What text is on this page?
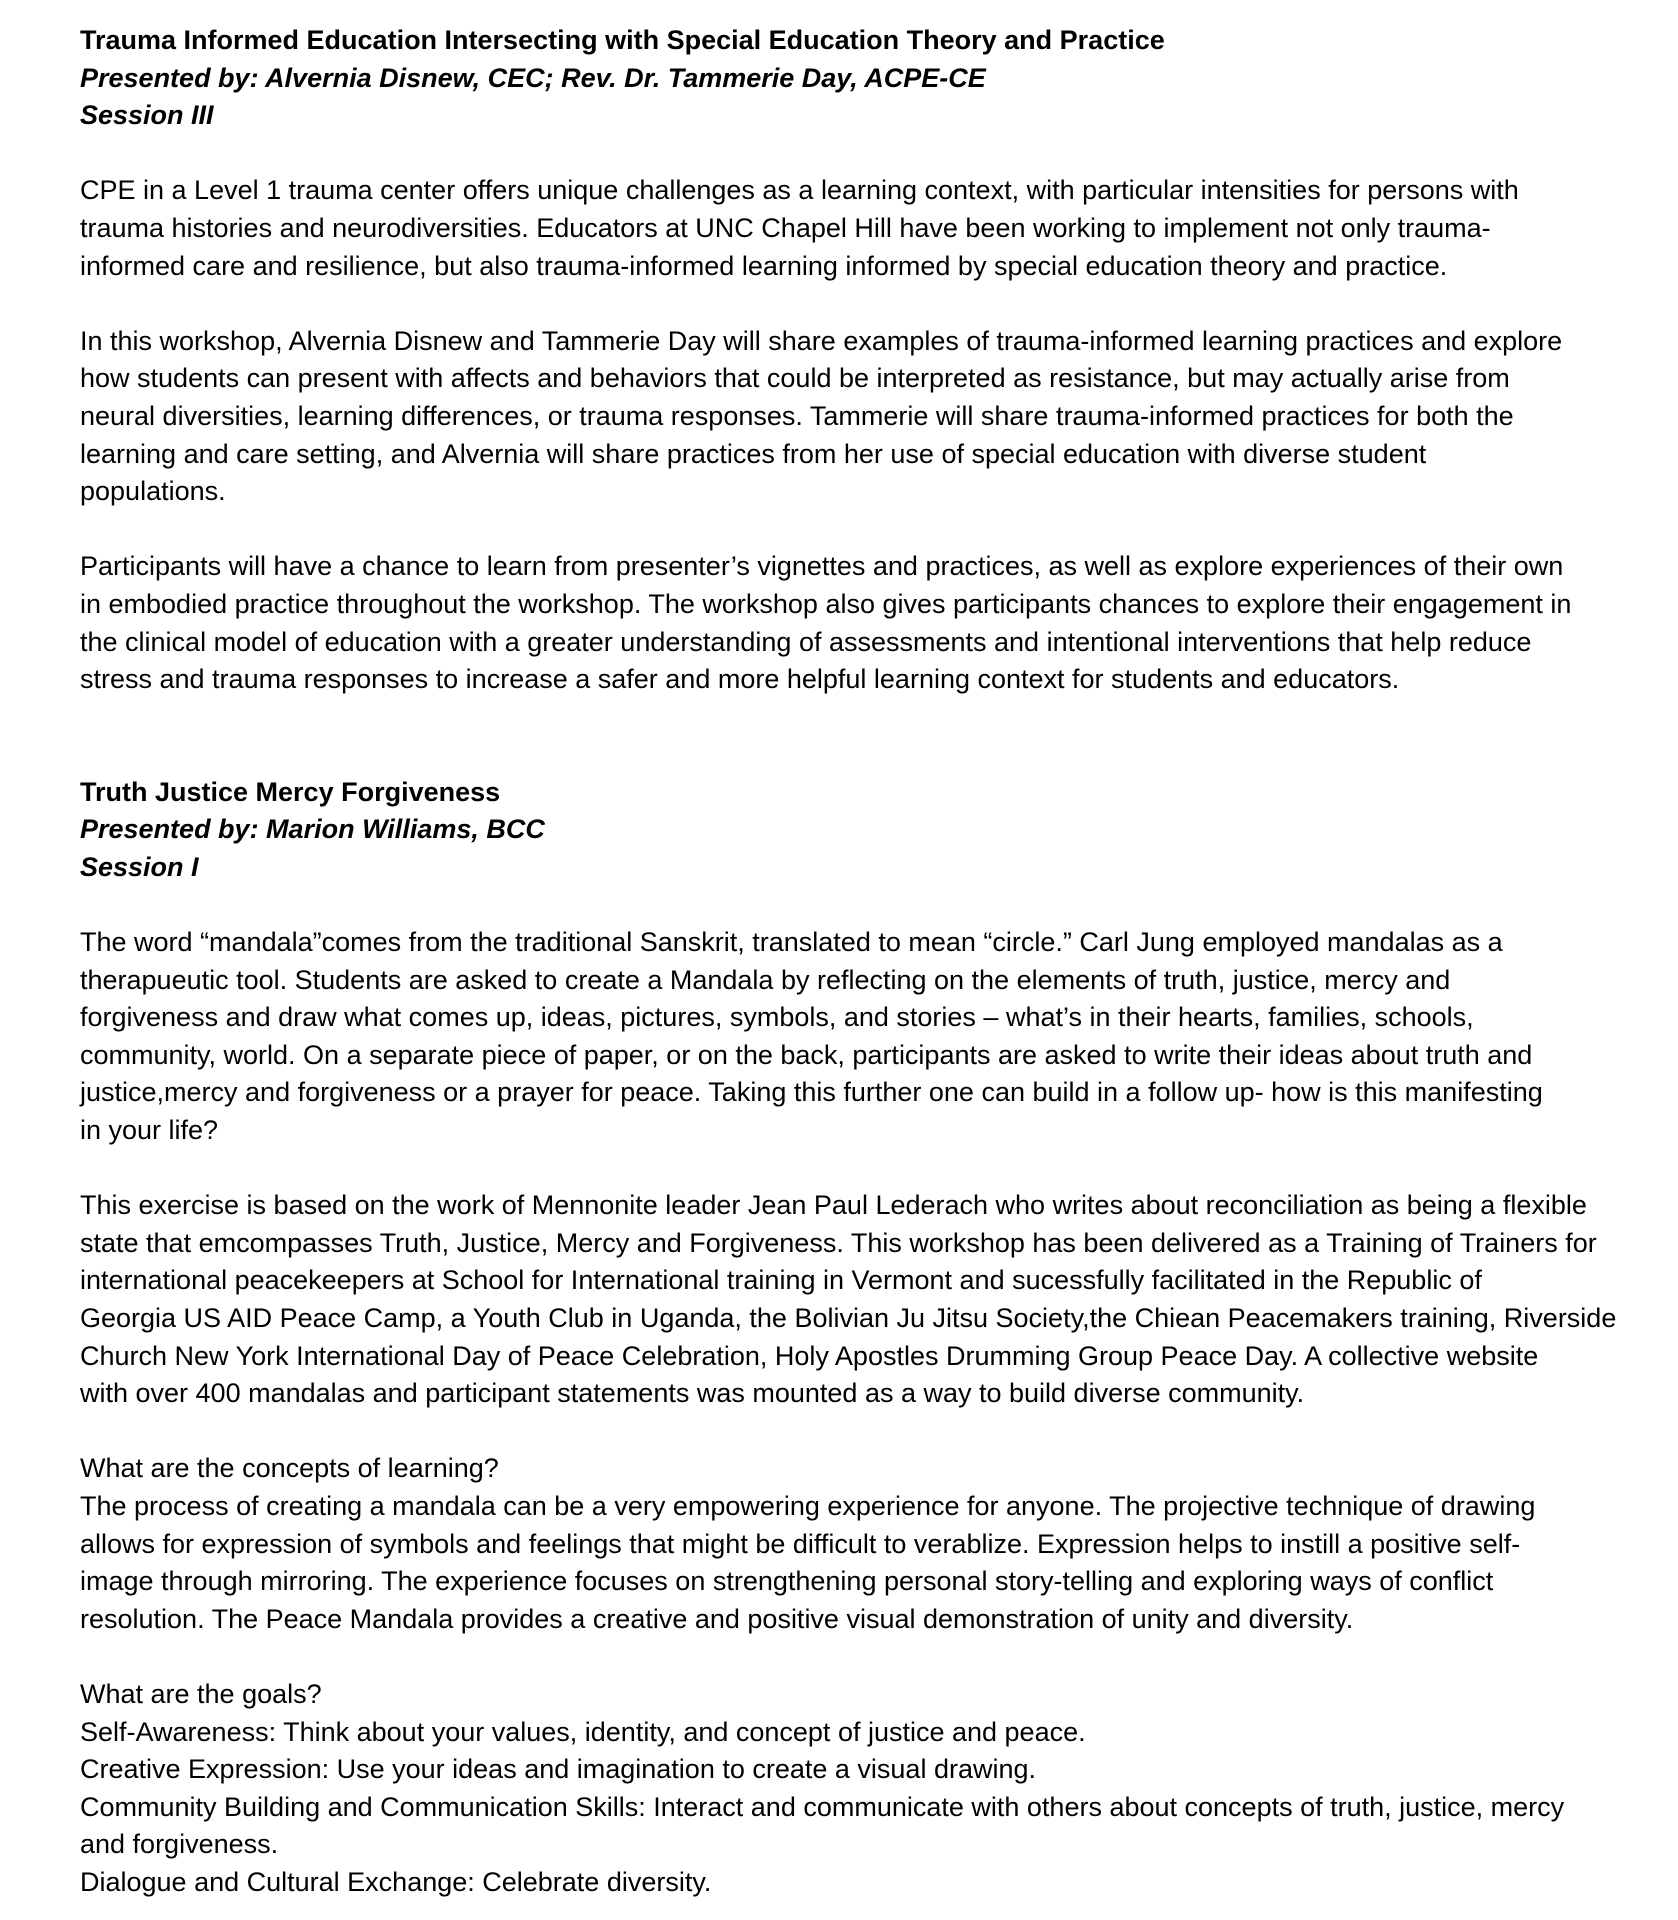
Trauma Informed Education Intersecting with Special Education Theory and Practice
Presented by: Alvernia Disnew, CEC; Rev. Dr. Tammerie Day, ACPE-CE
Session III
CPE in a Level 1 trauma center offers unique challenges as a learning context, with particular intensities for persons with
trauma histories and neurodiversities. Educators at UNC Chapel Hill have been working to implement not only trauma-
informed care and resilience, but also trauma-informed learning informed by special education theory and practice.
In this workshop, Alvernia Disnew and Tammerie Day will share examples of trauma-informed learning practices and explore
how students can present with affects and behaviors that could be interpreted as resistance, but may actually arise from
neural diversities, learning differences, or trauma responses. Tammerie will share trauma-informed practices for both the
learning and care setting, and Alvernia will share practices from her use of special education with diverse student
populations.
Participants will have a chance to learn from presenter’s vignettes and practices, as well as explore experiences of their own
in embodied practice throughout the workshop. The workshop also gives participants chances to explore their engagement in
the clinical model of education with a greater understanding of assessments and intentional interventions that help reduce
stress and trauma responses to increase a safer and more helpful learning context for students and educators.
Truth Justice Mercy Forgiveness
Presented by: Marion Williams, BCC
Session I
The word “mandala”comes from the traditional Sanskrit, translated to mean “circle.” Carl Jung employed mandalas as a
therapueutic tool. Students are asked to create a Mandala by reflecting on the elements of truth, justice, mercy and
forgiveness and draw what comes up, ideas, pictures, symbols, and stories – what’s in their hearts, families, schools,
community, world. On a separate piece of paper, or on the back, participants are asked to write their ideas about truth and
justice,mercy and forgiveness or a prayer for peace. Taking this further one can build in a follow up- how is this manifesting
in your life?
This exercise is based on the work of Mennonite leader Jean Paul Lederach who writes about reconciliation as being a flexible
state that emcompasses Truth, Justice, Mercy and Forgiveness. This workshop has been delivered as a Training of Trainers for
international peacekeepers at School for International training in Vermont and sucessfully facilitated in the Republic of
Georgia US AID Peace Camp, a Youth Club in Uganda, the Bolivian Ju Jitsu Society,the Chiean Peacemakers training, Riverside
Church New York International Day of Peace Celebration, Holy Apostles Drumming Group Peace Day. A collective website
with over 400 mandalas and participant statements was mounted as a way to build diverse community.
What are the concepts of learning?
The process of creating a mandala can be a very empowering experience for anyone. The projective technique of drawing
allows for expression of symbols and feelings that might be difficult to verablize. Expression helps to instill a positive self-
image through mirroring. The experience focuses on strengthening personal story-telling and exploring ways of conflict
resolution. The Peace Mandala provides a creative and positive visual demonstration of unity and diversity.
What are the goals?
Self-Awareness: Think about your values, identity, and concept of justice and peace.
Creative Expression: Use your ideas and imagination to create a visual drawing.
Community Building and Communication Skills: Interact and communicate with others about concepts of truth, justice, mercy
and forgiveness.
Dialogue and Cultural Exchange: Celebrate diversity.
